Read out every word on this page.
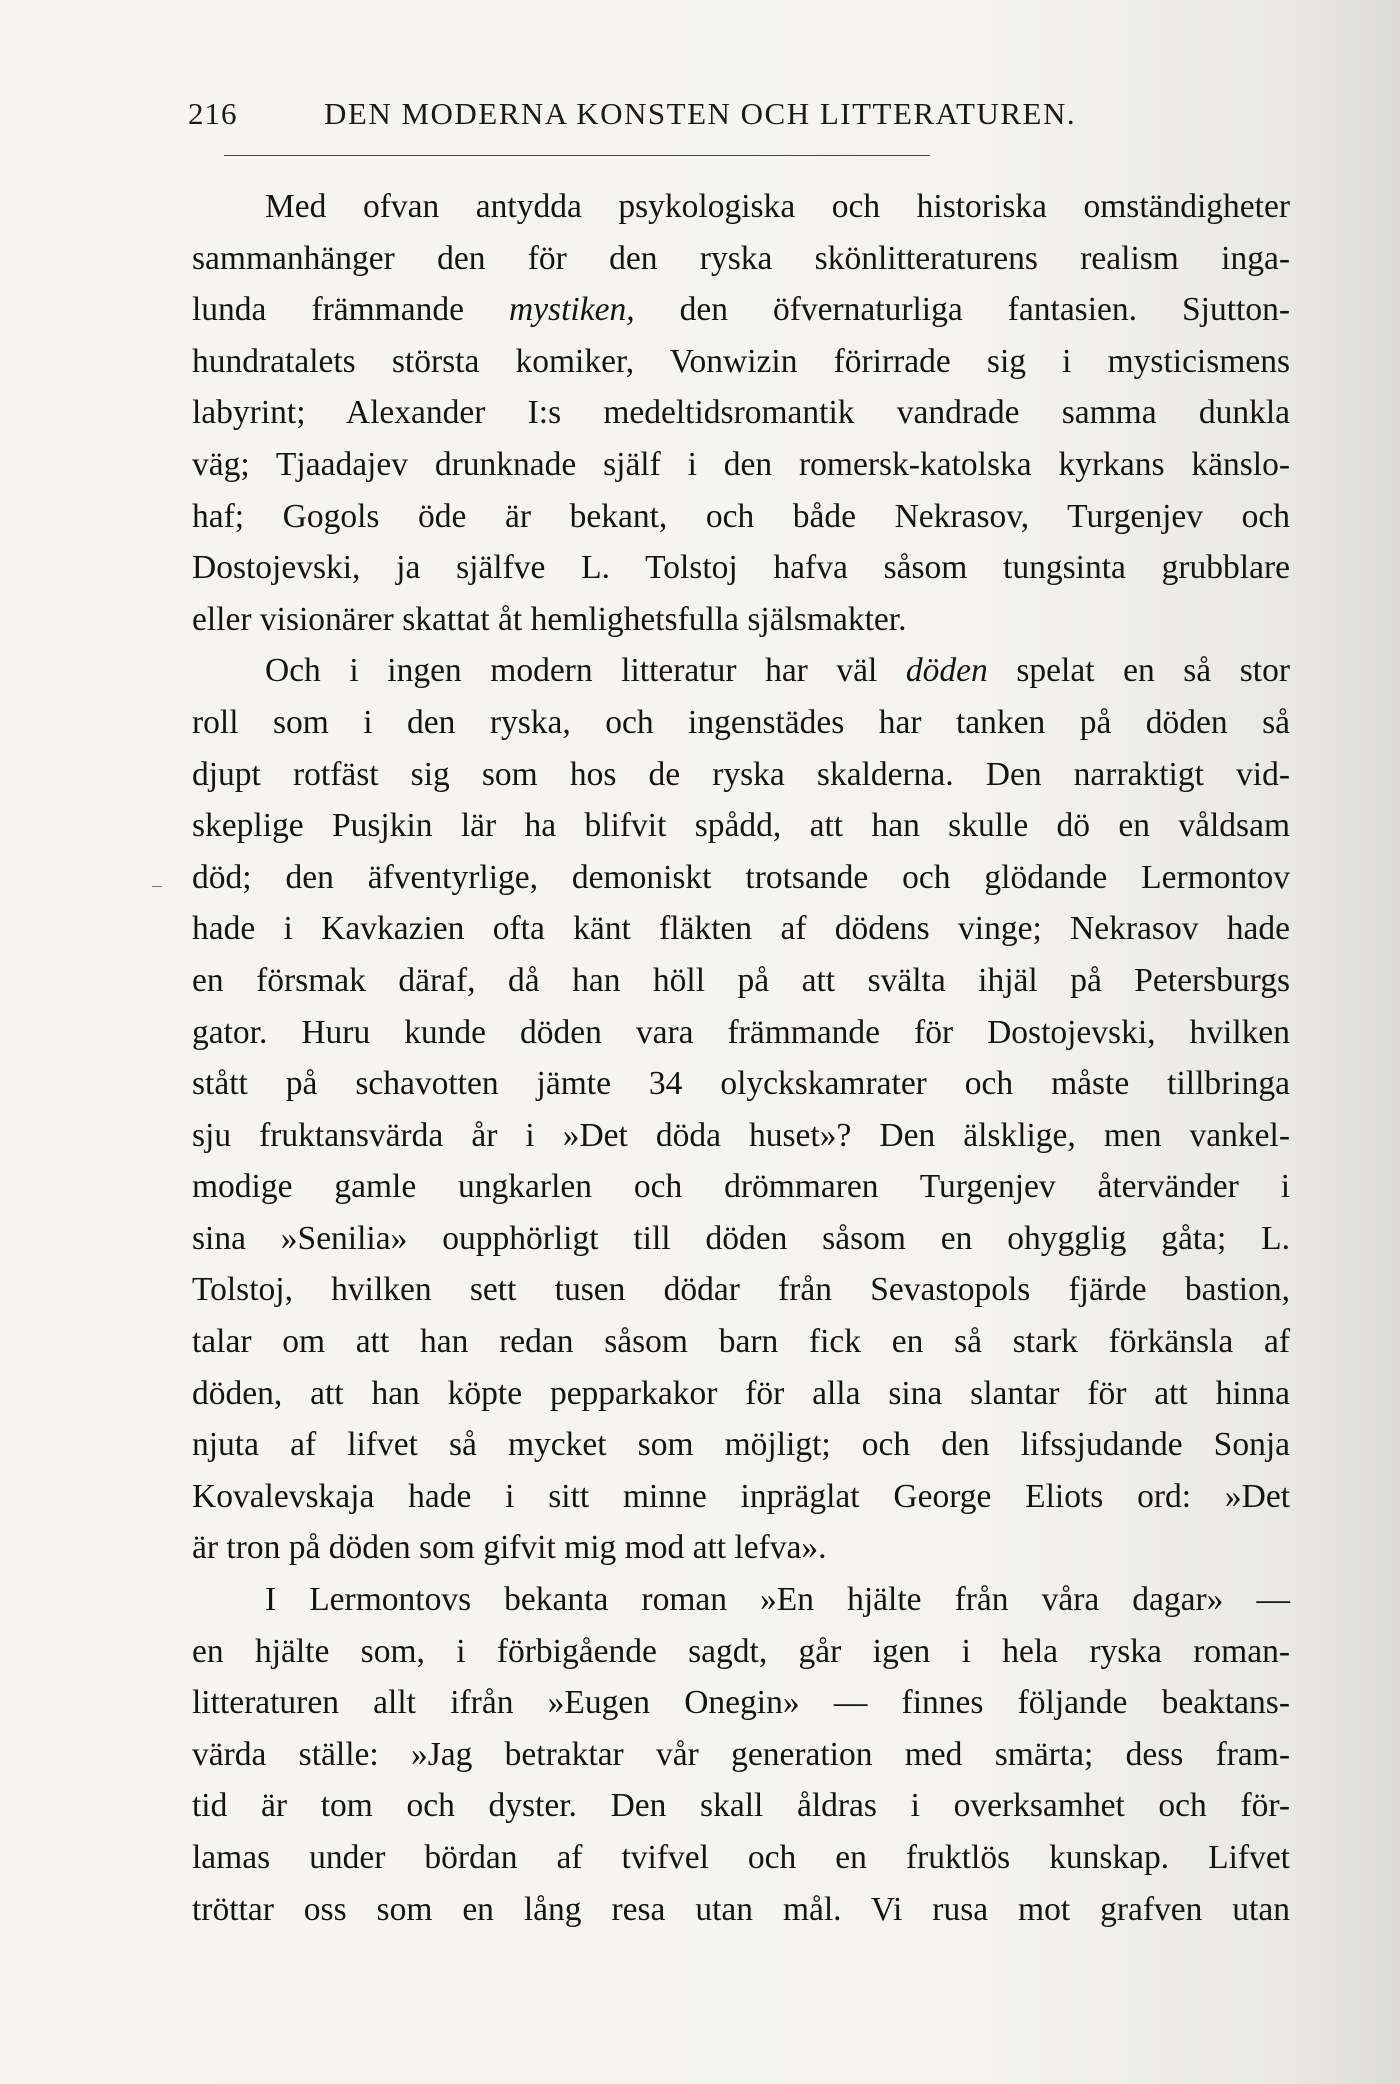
216	DEN MODERNA KONSTEN OCH LITTERATUREN.
Med ofvan antydda psykologiska och historiska omständigheter
sammanhänger den för den ryska skönlitteraturens realism inga-
lunda främmande mystiken, den öfvernaturliga fantasien. Sjutton-
hundratalets största komiker, Vonwizin förirrade sig i mysticismens
labyrint; Alexander I:s medeltidsromantik vandrade samma dunkla
väg; Tjaadajev drunknade själf i den romersk-katolska kyrkans känslo-
haf; Gogols öde är bekant, och både Nekrasov, Turgenjev och
Dostojevski, ja själfve L. Tolstoj hafva såsom tungsinta grubblare
eller visionärer skattat åt hemlighetsfulla själsmakter.
Och i ingen modern litteratur har väl döden spelat en så stor
roll som i den ryska, och ingenstädes har tanken på döden så
djupt rotfäst sig som hos de ryska skalderna. Den narraktigt vid-
skeplige Pusjkin lär ha blifvit spådd, att han skulle dö en våldsam
död; den äfventyrlige, demoniskt trotsande och glödande Lermontov
hade i Kavkazien ofta känt fläkten af dödens vinge; Nekrasov hade
en försmak däraf, då han höll på att svälta ihjäl på Petersburgs
gator. Huru kunde döden vara främmande för Dostojevski, hvilken
stått på schavotten jämte 34 olyckskamrater och måste tillbringa
sju fruktansvärda år i »Det döda huset»? Den älsklige, men vankel-
modige gamle ungkarlen och drömmaren Turgenjev återvänder i
sina »Senilia» oupphörligt till döden såsom en ohygglig gåta; L.
Tolstoj, hvilken sett tusen dödar från Sevastopols fjärde bastion,
talar om att han redan såsom barn fick en så stark förkänsla af
döden, att han köpte pepparkakor för alla sina slantar för att hinna
njuta af lifvet så mycket som möjligt; och den lifssjudande Sonja
Kovalevskaja hade i sitt minne inpräglat George Eliots ord: »Det
är tron på döden som gifvit mig mod att lefva».
I Lermontovs bekanta roman »En hjälte från våra dagar» —
en hjälte som, i förbigående sagdt, går igen i hela ryska roman-
litteraturen allt ifrån »Eugen Onegin» — finnes följande beaktans-
värda ställe: »Jag betraktar vår generation med smärta; dess fram-
tid är tom och dyster. Den skall åldras i overksamhet och för-
lamas under bördan af tvifvel och en fruktlös kunskap. Lifvet
tröttar oss som en lång resa utan mål. Vi rusa mot grafven utan
